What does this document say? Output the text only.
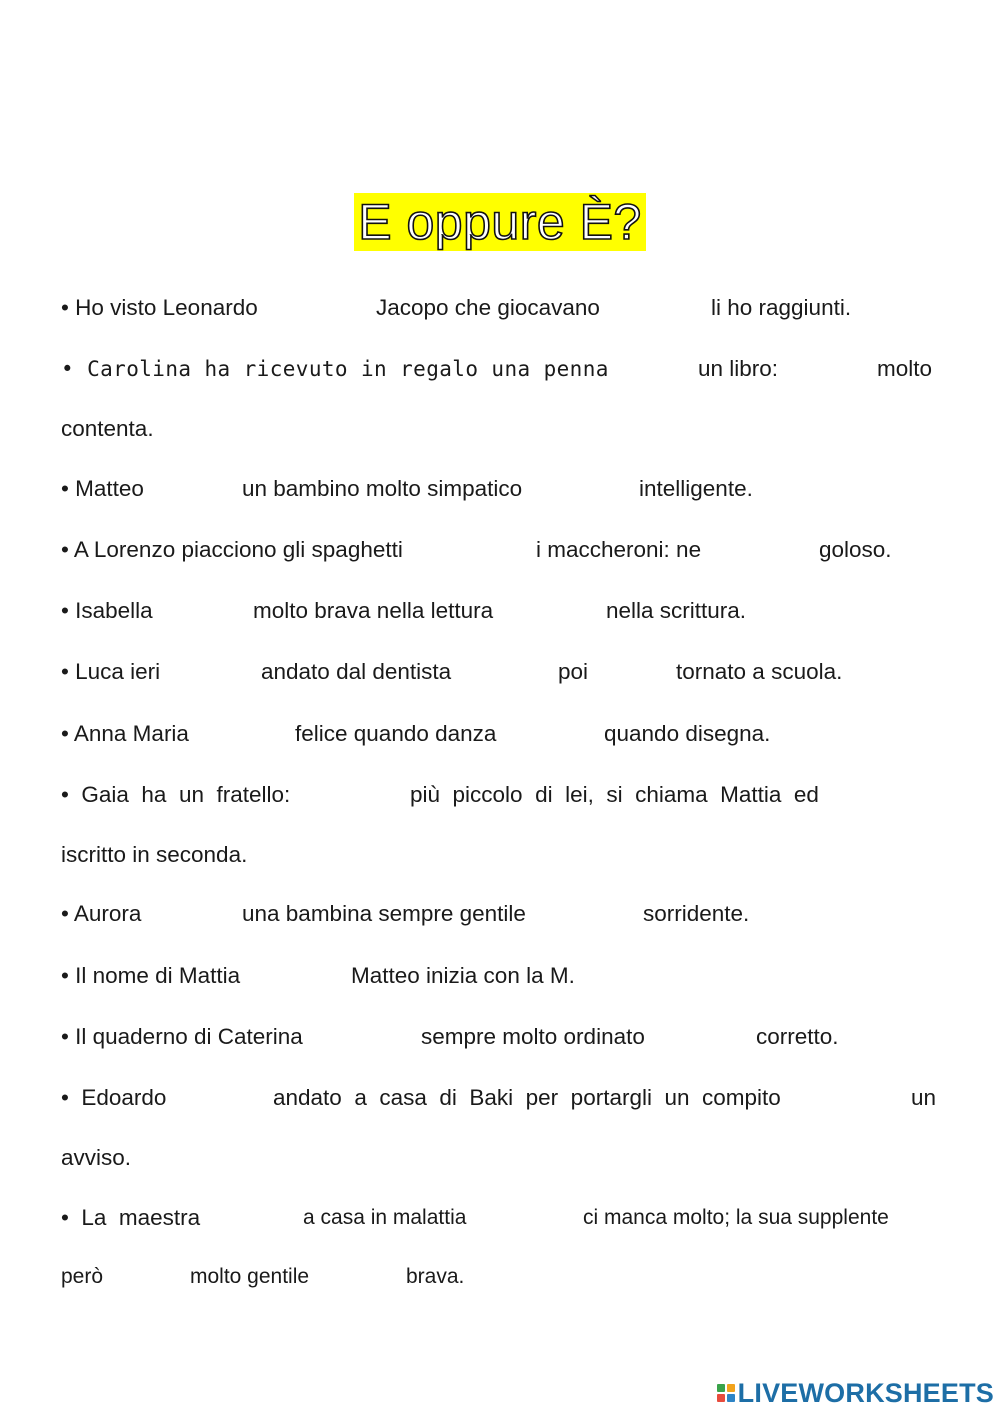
E oppure È?
• Ho visto Leonardo	Jacopo che giocavano	li ho raggiunti.
• Carolina ha ricevuto in regalo una penna	un libro:	molto
contenta.
• Matteo	un bambino molto simpatico	intelligente.
• A Lorenzo piacciono gli spaghetti	i maccheroni: ne	goloso.
• Isabella	molto brava nella lettura	nella scrittura.
• Luca ieri	andato dal dentista	poi	tornato a scuola.
• Anna Maria	felice quando danza	quando disegna.
•  Gaia  ha  un  fratello:	più  piccolo  di  lei,  si  chiama  Mattia  ed
iscritto in seconda.
• Aurora	una bambina sempre gentile	sorridente.
• Il nome di Mattia	Matteo inizia con la M.
• Il quaderno di Caterina	sempre molto ordinato	corretto.
•  Edoardo	andato  a  casa  di  Baki  per  portargli  un  compito	un
avviso.
•  La  maestra	a casa in malattia	ci manca molto; la sua supplente
però	molto gentile	brava.
LIVEWORKSHEETS
